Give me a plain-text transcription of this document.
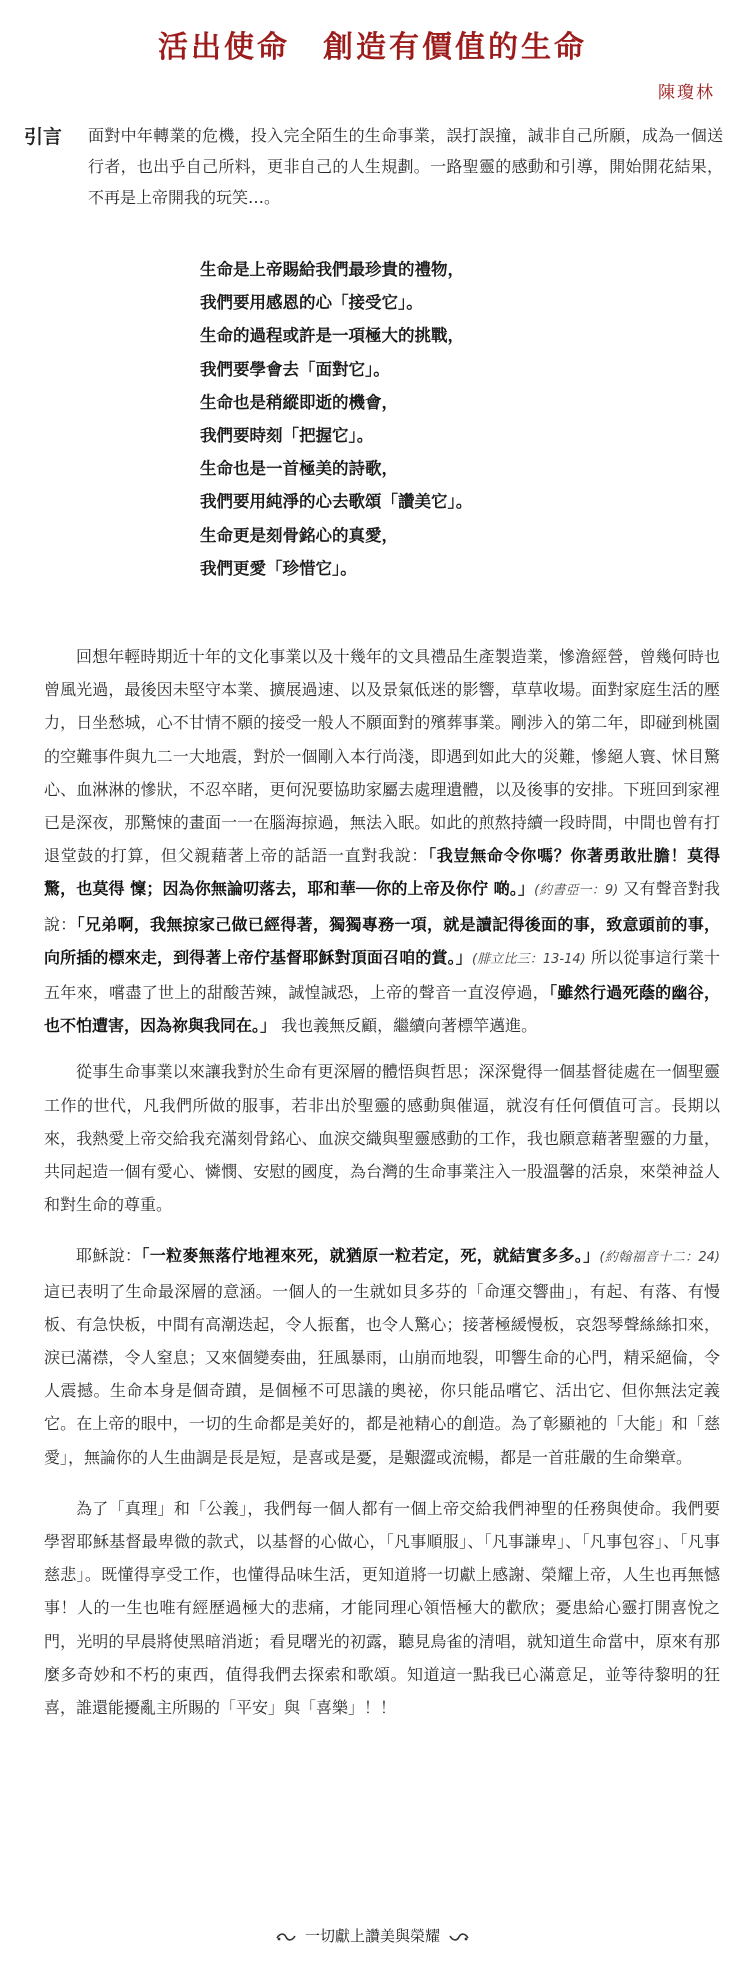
活出使命　創造有價值的生命
陳瓊林
引言 面對中年轉業的危機，投入完全陌生的生命事業，誤打誤撞，誠非自己所願，成為一個送行者，也出乎自己所料，更非自己的人生規劃。一路聖靈的感動和引導，開始開花結果，不再是上帝開我的玩笑…。
生命是上帝賜給我們最珍貴的禮物，
我們要用感恩的心「接受它」。
生命的過程或許是一項極大的挑戰，
我們要學會去「面對它」。
生命也是稍縱即逝的機會，
我們要時刻「把握它」。
生命也是一首極美的詩歌，
我們要用純淨的心去歌頌「讚美它」。
生命更是刻骨銘心的真愛，
我們更愛「珍惜它」。

回想年輕時期近十年的文化事業以及十幾年的文具禮品生產製造業，慘澹經營，曾幾何時也曾風光過，最後因未堅守本業、擴展過速、以及景氣低迷的影響，草草收場。面對家庭生活的壓力，日坐愁城，心不甘情不願的接受一般人不願面對的殯葬事業。剛涉入的第二年，即碰到桃園的空難事件與九二一大地震，對於一個剛入本行尚淺，即遇到如此大的災難，慘絕人寰、怵目驚心、血淋淋的慘狀，不忍卒睹，更何況要協助家屬去處理遺體，以及後事的安排。下班回到家裡已是深夜，那驚悚的畫面一一在腦海掠過，無法入眠。如此的煎熬持續一段時間，中間也曾有打退堂鼓的打算，但父親藉著上帝的話語一直對我說：「我豈無命令你嗎？你著勇敢壯膽！莫得驚，也莫得 懍；因為你無論叨落去，耶和華──你的上帝及你佇 啲。」(約書亞一：9) 又有聲音對我說：「兄弟啊，我無掠家己做已經得著，獨獨專務一項，就是讀記得後面的事，致意頭前的事，向所插的標來走，到得著上帝佇基督耶穌對頂面召咱的賞。」(腓立比三：13-14) 所以從事這行業十五年來，嚐盡了世上的甜酸苦辣，誠惶誠恐，上帝的聲音一直沒停過，「雖然行過死蔭的幽谷，也不怕遭害，因為祢與我同在。」 我也義無反顧，繼續向著標竿邁進。

從事生命事業以來讓我對於生命有更深層的體悟與哲思；深深覺得一個基督徒處在一個聖靈工作的世代，凡我們所做的服事，若非出於聖靈的感動與催逼，就沒有任何價值可言。長期以來，我熱愛上帝交給我充滿刻骨銘心、血淚交織與聖靈感動的工作，我也願意藉著聖靈的力量，共同起造一個有愛心、憐憫、安慰的國度，為台灣的生命事業注入一股溫馨的活泉，來榮神益人和對生命的尊重。

耶穌說：「一粒麥無落佇地裡來死，就猶原一粒若定，死，就結實多多。」(約翰福音十二：24) 這已表明了生命最深層的意涵。一個人的一生就如貝多芬的「命運交響曲」，有起、有落、有慢板、有急快板，中間有高潮迭起，令人振奮，也令人驚心；接著極緩慢板，哀怨琴聲絲絲扣來，淚已滿襟，令人窒息；又來個變奏曲，狂風暴雨，山崩而地裂，叩響生命的心門，精采絕倫，令人震撼。生命本身是個奇蹟，是個極不可思議的奧祕，你只能品嚐它、活出它、但你無法定義它。在上帝的眼中，一切的生命都是美好的，都是祂精心的創造。為了彰顯祂的「大能」和「慈愛」，無論你的人生曲調是長是短，是喜或是憂，是艱澀或流暢，都是一首莊嚴的生命樂章。

為了「真理」和「公義」，我們每一個人都有一個上帝交給我們神聖的任務與使命。我們要學習耶穌基督最卑微的款式，以基督的心做心，「凡事順服」、「凡事謙卑」、「凡事包容」、「凡事慈悲」。既懂得享受工作，也懂得品味生活，更知道將一切獻上感謝、榮耀上帝，人生也再無憾事！人的一生也唯有經歷過極大的悲痛，才能同理心領悟極大的歡欣；憂患給心靈打開喜悅之門，光明的早晨將使黑暗消逝；看見曙光的初露，聽見鳥雀的清唱，就知道生命當中，原來有那麼多奇妙和不朽的東西，值得我們去探索和歌頌。知道這一點我已心滿意足，並等待黎明的狂喜，誰還能擾亂主所賜的「平安」與「喜樂」！！

一切獻上讚美與榮耀
